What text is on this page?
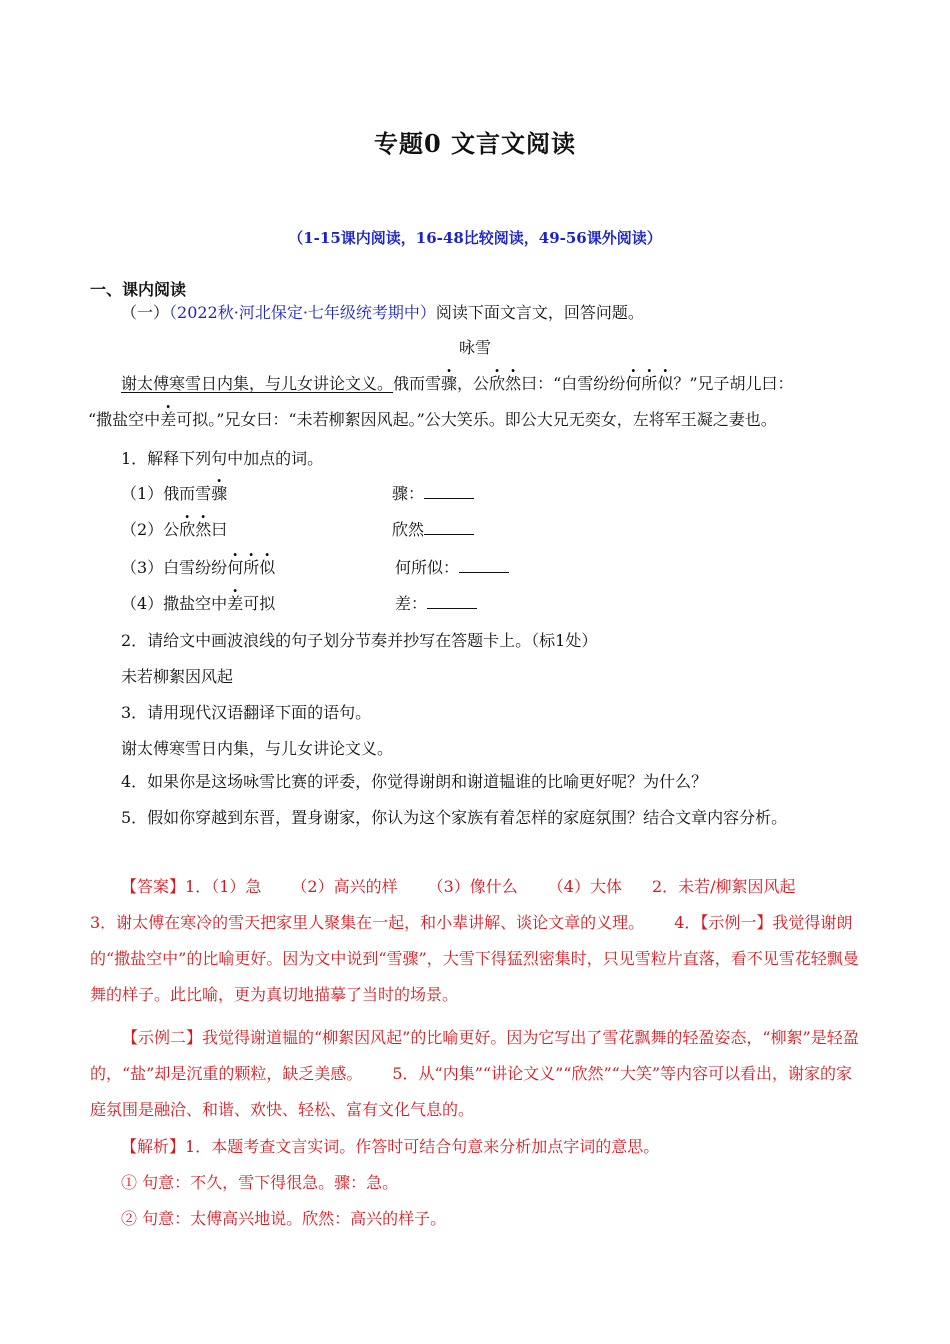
专题0 文言文阅读
（1-15课内阅读，16-48比较阅读，49-56课外阅读）
一、课内阅读
（一）（2022秋·河北保定·七年级统考期中）阅读下面文言文，回答问题。
咏雪
谢太傅寒雪日内集，与儿女讲论文义。俄而雪骤，公欣然曰：“白雪纷纷何所似？”兄子胡儿曰：
“撒盐空中差可拟。”兄女曰：“未若柳絮因风起。”公大笑乐。即公大兄无奕女，左将军王凝之妻也。
1．解释下列句中加点的词。
（1）俄而雪骤	骤：
（2）公欣然曰	欣然
（3）白雪纷纷何所似	何所似：
（4）撒盐空中差可拟	差：
2．请给文中画波浪线的句子划分节奏并抄写在答题卡上。（标1处）
未若柳絮因风起
3．请用现代汉语翻译下面的语句。
谢太傅寒雪日内集，与儿女讲论文义。
4．如果你是这场咏雪比赛的评委，你觉得谢朗和谢道韫谁的比喻更好呢？为什么？
5．假如你穿越到东晋，置身谢家，你认为这个家族有着怎样的家庭氛围？结合文章内容分析。
【答案】1．（1）急 （2）高兴的样 （3）像什么 （4）大体 2．未若/柳絮因风起
3．谢太傅在寒冷的雪天把家里人聚集在一起，和小辈讲解、谈论文章的义理。 4．【示例一】我觉得谢朗的“撒盐空中”的比喻更好。因为文中说到“雪骤”，大雪下得猛烈密集时，只见雪粒片直落，看不见雪花轻飘曼舞的样子。此比喻，更为真切地描摹了当时的场景。
【示例二】我觉得谢道韫的“柳絮因风起”的比喻更好。因为它写出了雪花飘舞的轻盈姿态，“柳絮”是轻盈的，“盐”却是沉重的颗粒，缺乏美感。 5．从“内集”“讲论文义”“欣然”“大笑”等内容可以看出，谢家的家庭氛围是融洽、和谐、欢快、轻松、富有文化气息的。
【解析】1．本题考查文言实词。作答时可结合句意来分析加点字词的意思。
① 句意：不久，雪下得很急。骤：急。
② 句意：太傅高兴地说。欣然：高兴的样子。
